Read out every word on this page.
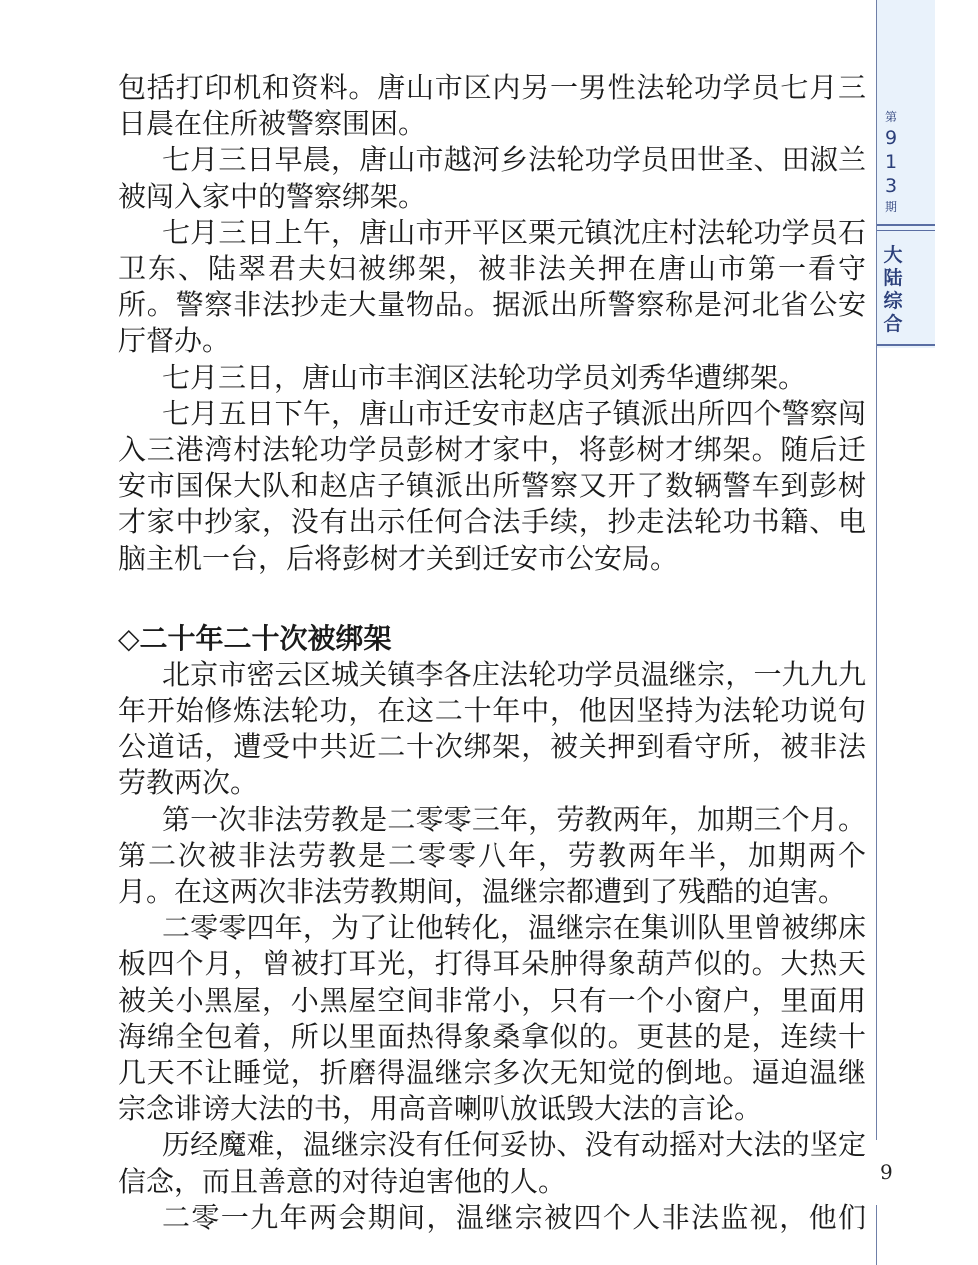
第
9
1
3
期
大
陆
综
合
9

包括打印机和资料。唐山市区内另一男性法轮功学员七月三日晨在住所被警察围困。

七月三日早晨，唐山市越河乡法轮功学员田世圣、田淑兰被闯入家中的警察绑架。

七月三日上午，唐山市开平区栗元镇沈庄村法轮功学员石卫东、陆翠君夫妇被绑架，被非法关押在唐山市第一看守所。警察非法抄走大量物品。据派出所警察称是河北省公安厅督办。

七月三日，唐山市丰润区法轮功学员刘秀华遭绑架。

七月五日下午，唐山市迁安市赵店子镇派出所四个警察闯入三港湾村法轮功学员彭树才家中，将彭树才绑架。随后迁安市国保大队和赵店子镇派出所警察又开了数辆警车到彭树才家中抄家，没有出示任何合法手续，抄走法轮功书籍、电脑主机一台，后将彭树才关到迁安市公安局。

◇二十年二十次被绑架

北京市密云区城关镇李各庄法轮功学员温继宗，一九九九年开始修炼法轮功，在这二十年中，他因坚持为法轮功说句公道话，遭受中共近二十次绑架，被关押到看守所，被非法劳教两次。

第一次非法劳教是二零零三年，劳教两年，加期三个月。第二次被非法劳教是二零零八年，劳教两年半，加期两个月。在这两次非法劳教期间，温继宗都遭到了残酷的迫害。

二零零四年，为了让他转化，温继宗在集训队里曾被绑床板四个月，曾被打耳光，打得耳朵肿得象葫芦似的。大热天被关小黑屋，小黑屋空间非常小，只有一个小窗户，里面用海绵全包着，所以里面热得象桑拿似的。更甚的是，连续十几天不让睡觉，折磨得温继宗多次无知觉的倒地。逼迫温继宗念诽谤大法的书，用高音喇叭放诋毁大法的言论。

历经魔难，温继宗没有任何妥协、没有动摇对大法的坚定信念，而且善意的对待迫害他的人。

二零一九年两会期间，温继宗被四个人非法监视，他们
